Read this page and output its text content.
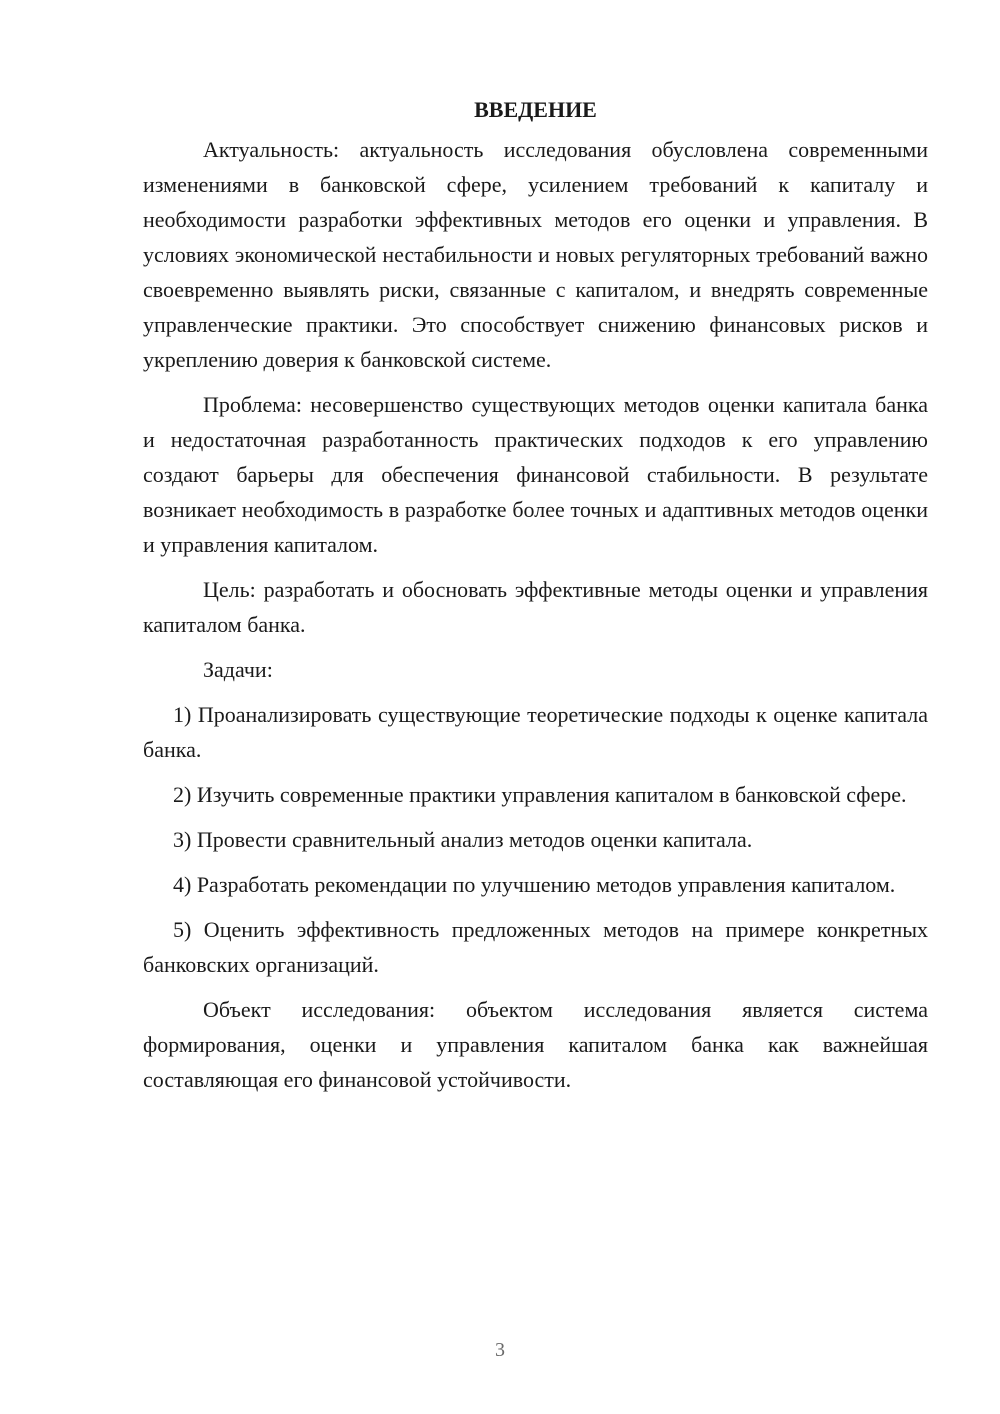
ВВЕДЕНИЕ

Актуальность: актуальность исследования обусловлена современными изменениями в банковской сфере, усилением требований к капиталу и необходимости разработки эффективных методов его оценки и управления. В условиях экономической нестабильности и новых регуляторных требований важно своевременно выявлять риски, связанные с капиталом, и внедрять современные управленческие практики. Это способствует снижению финансовых рисков и укреплению доверия к банковской системе.

Проблема: несовершенство существующих методов оценки капитала банка и недостаточная разработанность практических подходов к его управлению создают барьеры для обеспечения финансовой стабильности. В результате возникает необходимость в разработке более точных и адаптивных методов оценки и управления капиталом.

Цель: разработать и обосновать эффективные методы оценки и управления капиталом банка.

Задачи:

1) Проанализировать существующие теоретические подходы к оценке капитала банка.

2) Изучить современные практики управления капиталом в банковской сфере.

3) Провести сравнительный анализ методов оценки капитала.

4) Разработать рекомендации по улучшению методов управления капиталом.

5) Оценить эффективность предложенных методов на примере конкретных банковских организаций.

Объект исследования: объектом исследования является система формирования, оценки и управления капиталом банка как важнейшая составляющая его финансовой устойчивости.

3
